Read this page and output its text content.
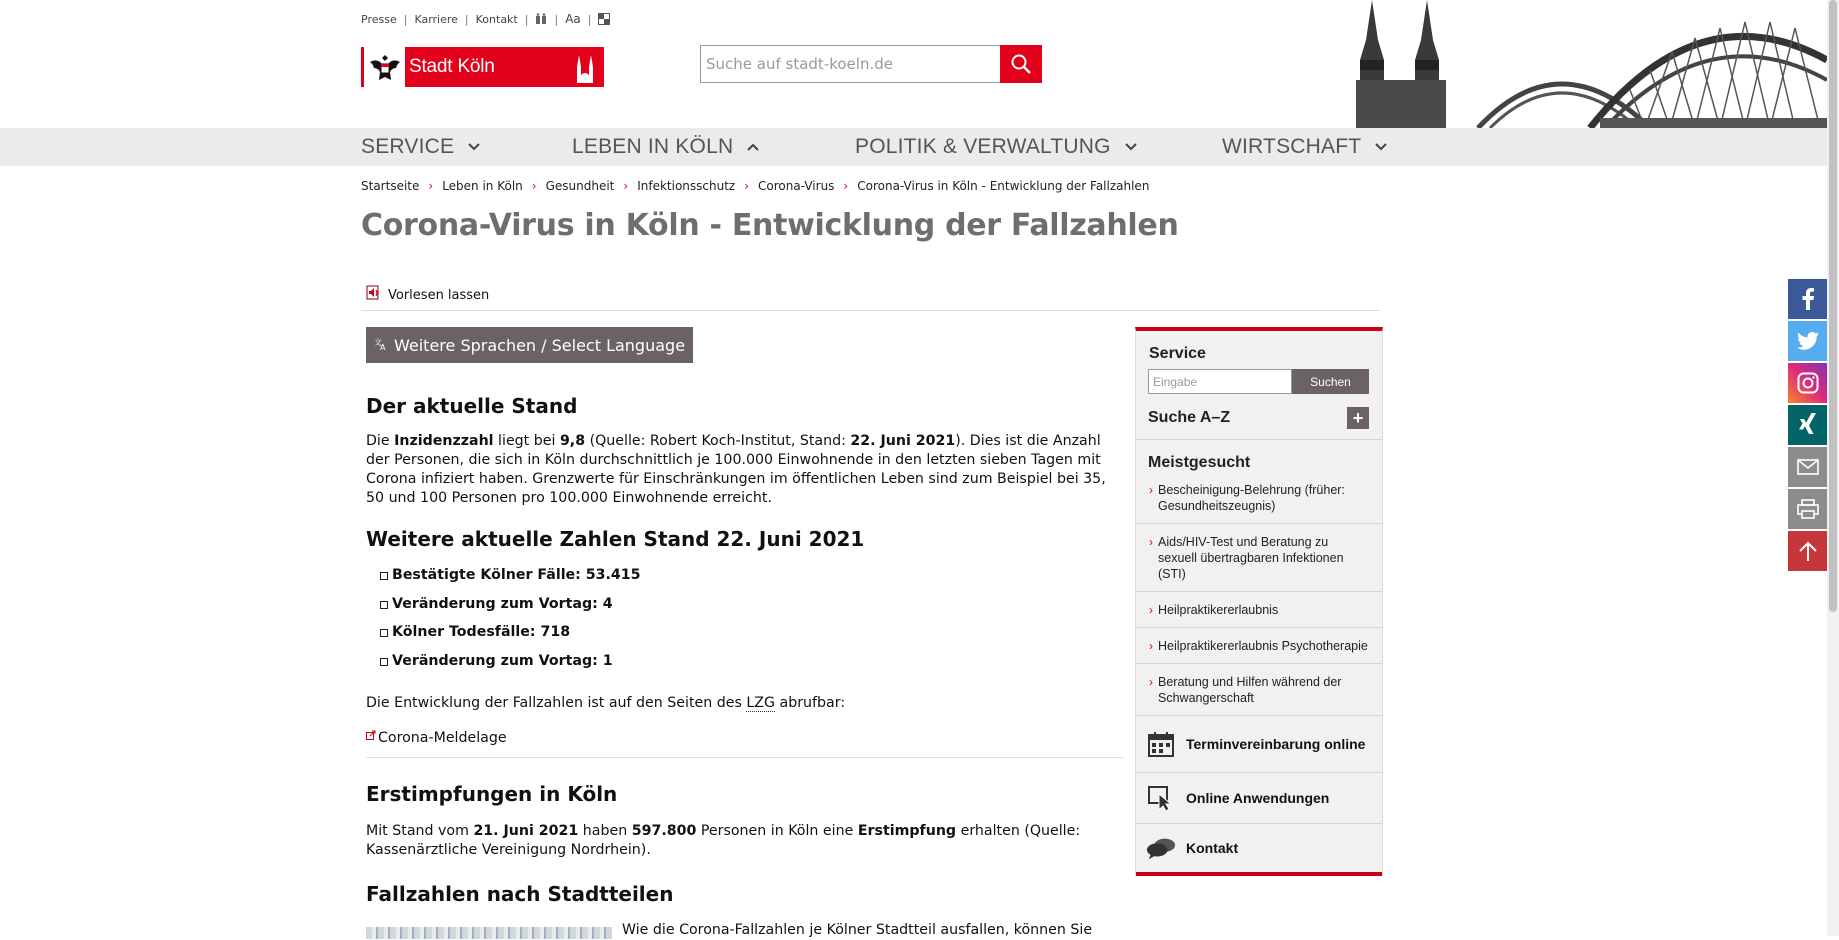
Presse | Karriere | Kontakt | | Aa |
Stadt Köln
Suche auf stadt-koeln.de
SERVICE	LEBEN IN KÖLN	POLITIK & VERWALTUNG	WIRTSCHAFT
Startseite › Leben in Köln › Gesundheit › Infektionsschutz › Corona-Virus › Corona-Virus in Köln - Entwicklung der Fallzahlen
Corona-Virus in Köln - Entwicklung der Fallzahlen
Vorlesen lassen
文
A Weitere Sprachen / Select Language
Der aktuelle Stand

Die Inzidenzzahl liegt bei 9,8 (Quelle: Robert Koch-Institut, Stand: 22. Juni 2021). Dies ist die Anzahl der Personen, die sich in Köln durchschnittlich je 100.000 Einwohnende in den letzten sieben Tagen mit Corona infiziert haben. Grenzwerte für Einschränkungen im öffentlichen Leben sind zum Beispiel bei 35, 50 und 100 Personen pro 100.000 Einwohnende erreicht.

Weitere aktuelle Zahlen Stand 22. Juni 2021
Bestätigte Kölner Fälle: 53.415
Veränderung zum Vortag: 4
Kölner Todesfälle: 718
Veränderung zum Vortag: 1

Die Entwicklung der Fallzahlen ist auf den Seiten des LZG abrufbar:

Corona-Meldelage
Erstimpfungen in Köln

Mit Stand vom 21. Juni 2021 haben 597.800 Personen in Köln eine Erstimpfung erhalten (Quelle: Kassenärztliche Vereinigung Nordrhein).

Fallzahlen nach Stadtteilen

Wie die Corona-Fallzahlen je Kölner Stadtteil ausfallen, können Sie

Service
Eingabe
Suchen
Suche A–Z	+
Meistgesucht
› Bescheinigung-Belehrung (früher: Gesundheitszeugnis)
› Aids/HIV-Test und Beratung zu sexuell übertragbaren Infektionen (STI)
› Heilpraktikererlaubnis
› Heilpraktikererlaubnis Psychotherapie
› Beratung und Hilfen während der Schwangerschaft
Terminvereinbarung online
Online Anwendungen
Kontakt
